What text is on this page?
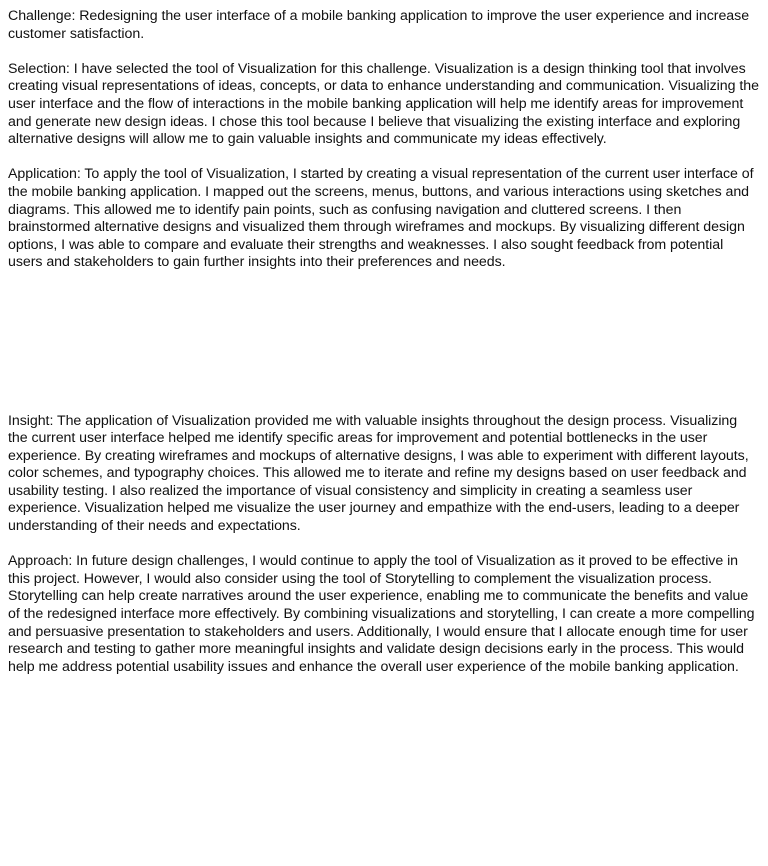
Challenge: Redesigning the user interface of a mobile banking application to improve the user experience and increase customer satisfaction.

Selection: I have selected the tool of Visualization for this challenge. Visualization is a design thinking tool that involves creating visual representations of ideas, concepts, or data to enhance understanding and communication. Visualizing the user interface and the flow of interactions in the mobile banking application will help me identify areas for improvement and generate new design ideas. I chose this tool because I believe that visualizing the existing interface and exploring alternative designs will allow me to gain valuable insights and communicate my ideas effectively.

Application: To apply the tool of Visualization, I started by creating a visual representation of the current user interface of the mobile banking application. I mapped out the screens, menus, buttons, and various interactions using sketches and diagrams. This allowed me to identify pain points, such as confusing navigation and cluttered screens. I then brainstormed alternative designs and visualized them through wireframes and mockups. By visualizing different design options, I was able to compare and evaluate their strengths and weaknesses. I also sought feedback from potential users and stakeholders to gain further insights into their preferences and needs.

Insight: The application of Visualization provided me with valuable insights throughout the design process. Visualizing the current user interface helped me identify specific areas for improvement and potential bottlenecks in the user experience. By creating wireframes and mockups of alternative designs, I was able to experiment with different layouts, color schemes, and typography choices. This allowed me to iterate and refine my designs based on user feedback and usability testing. I also realized the importance of visual consistency and simplicity in creating a seamless user experience. Visualization helped me visualize the user journey and empathize with the end-users, leading to a deeper understanding of their needs and expectations.

Approach: In future design challenges, I would continue to apply the tool of Visualization as it proved to be effective in this project. However, I would also consider using the tool of Storytelling to complement the visualization process. Storytelling can help create narratives around the user experience, enabling me to communicate the benefits and value of the redesigned interface more effectively. By combining visualizations and storytelling, I can create a more compelling and persuasive presentation to stakeholders and users. Additionally, I would ensure that I allocate enough time for user research and testing to gather more meaningful insights and validate design decisions early in the process. This would help me address potential usability issues and enhance the overall user experience of the mobile banking application.
